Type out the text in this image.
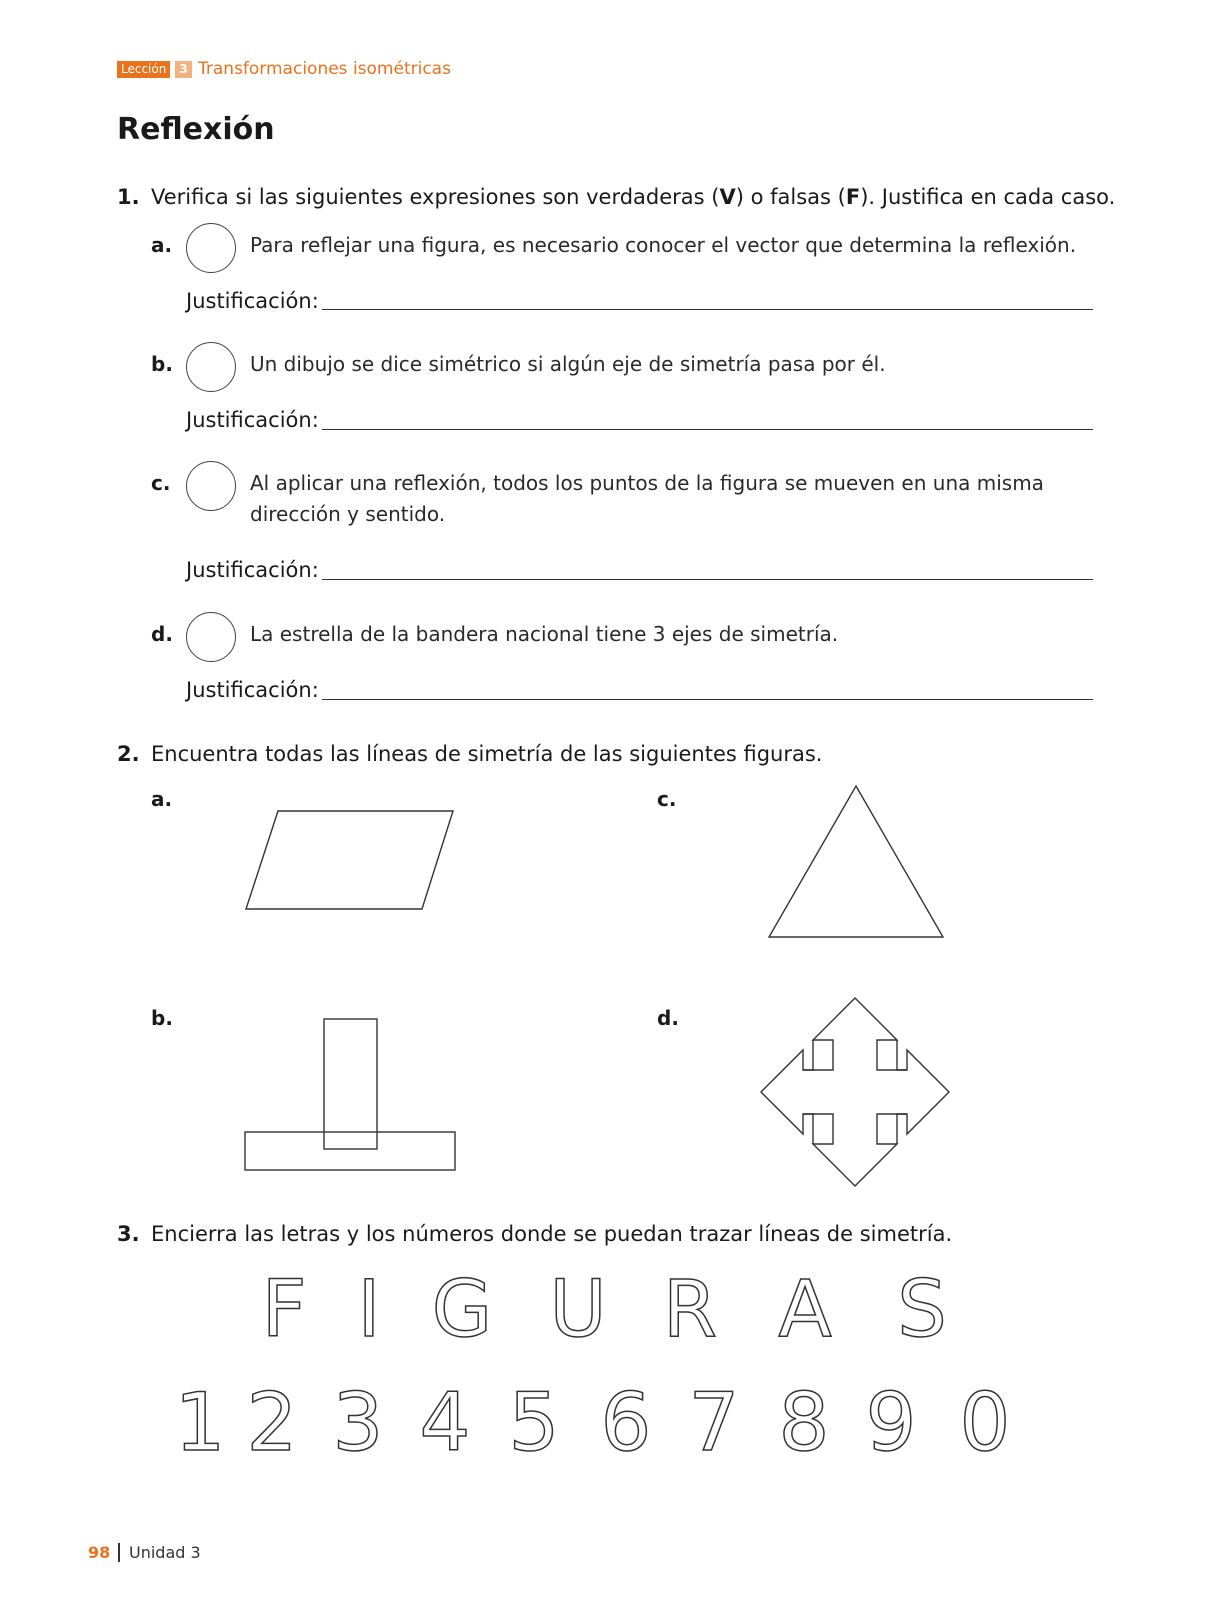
Lección	3 Transformaciones isométricas
Reflexión
1. Verifica si las siguientes expresiones son verdaderas (V) o falsas (F). Justifica en cada caso.
a.	Para reflejar una figura, es necesario conocer el vector que determina la reflexión.
Justificación:
b.	Un dibujo se dice simétrico si algún eje de simetría pasa por él.
Justificación:
c.	Al aplicar una reflexión, todos los puntos de la figura se mueven en una misma
dirección y sentido.
Justificación:
d.	La estrella de la bandera nacional tiene 3 ejes de simetría.
Justificación:
2. Encuentra todas las líneas de simetría de las siguientes figuras.
a.	c.
b.	d.
3. Encierra las letras y los números donde se puedan trazar líneas de simetría.
F I G U R A S
1 2 3 4 5 6 7 8 9 0
98 Unidad 3
